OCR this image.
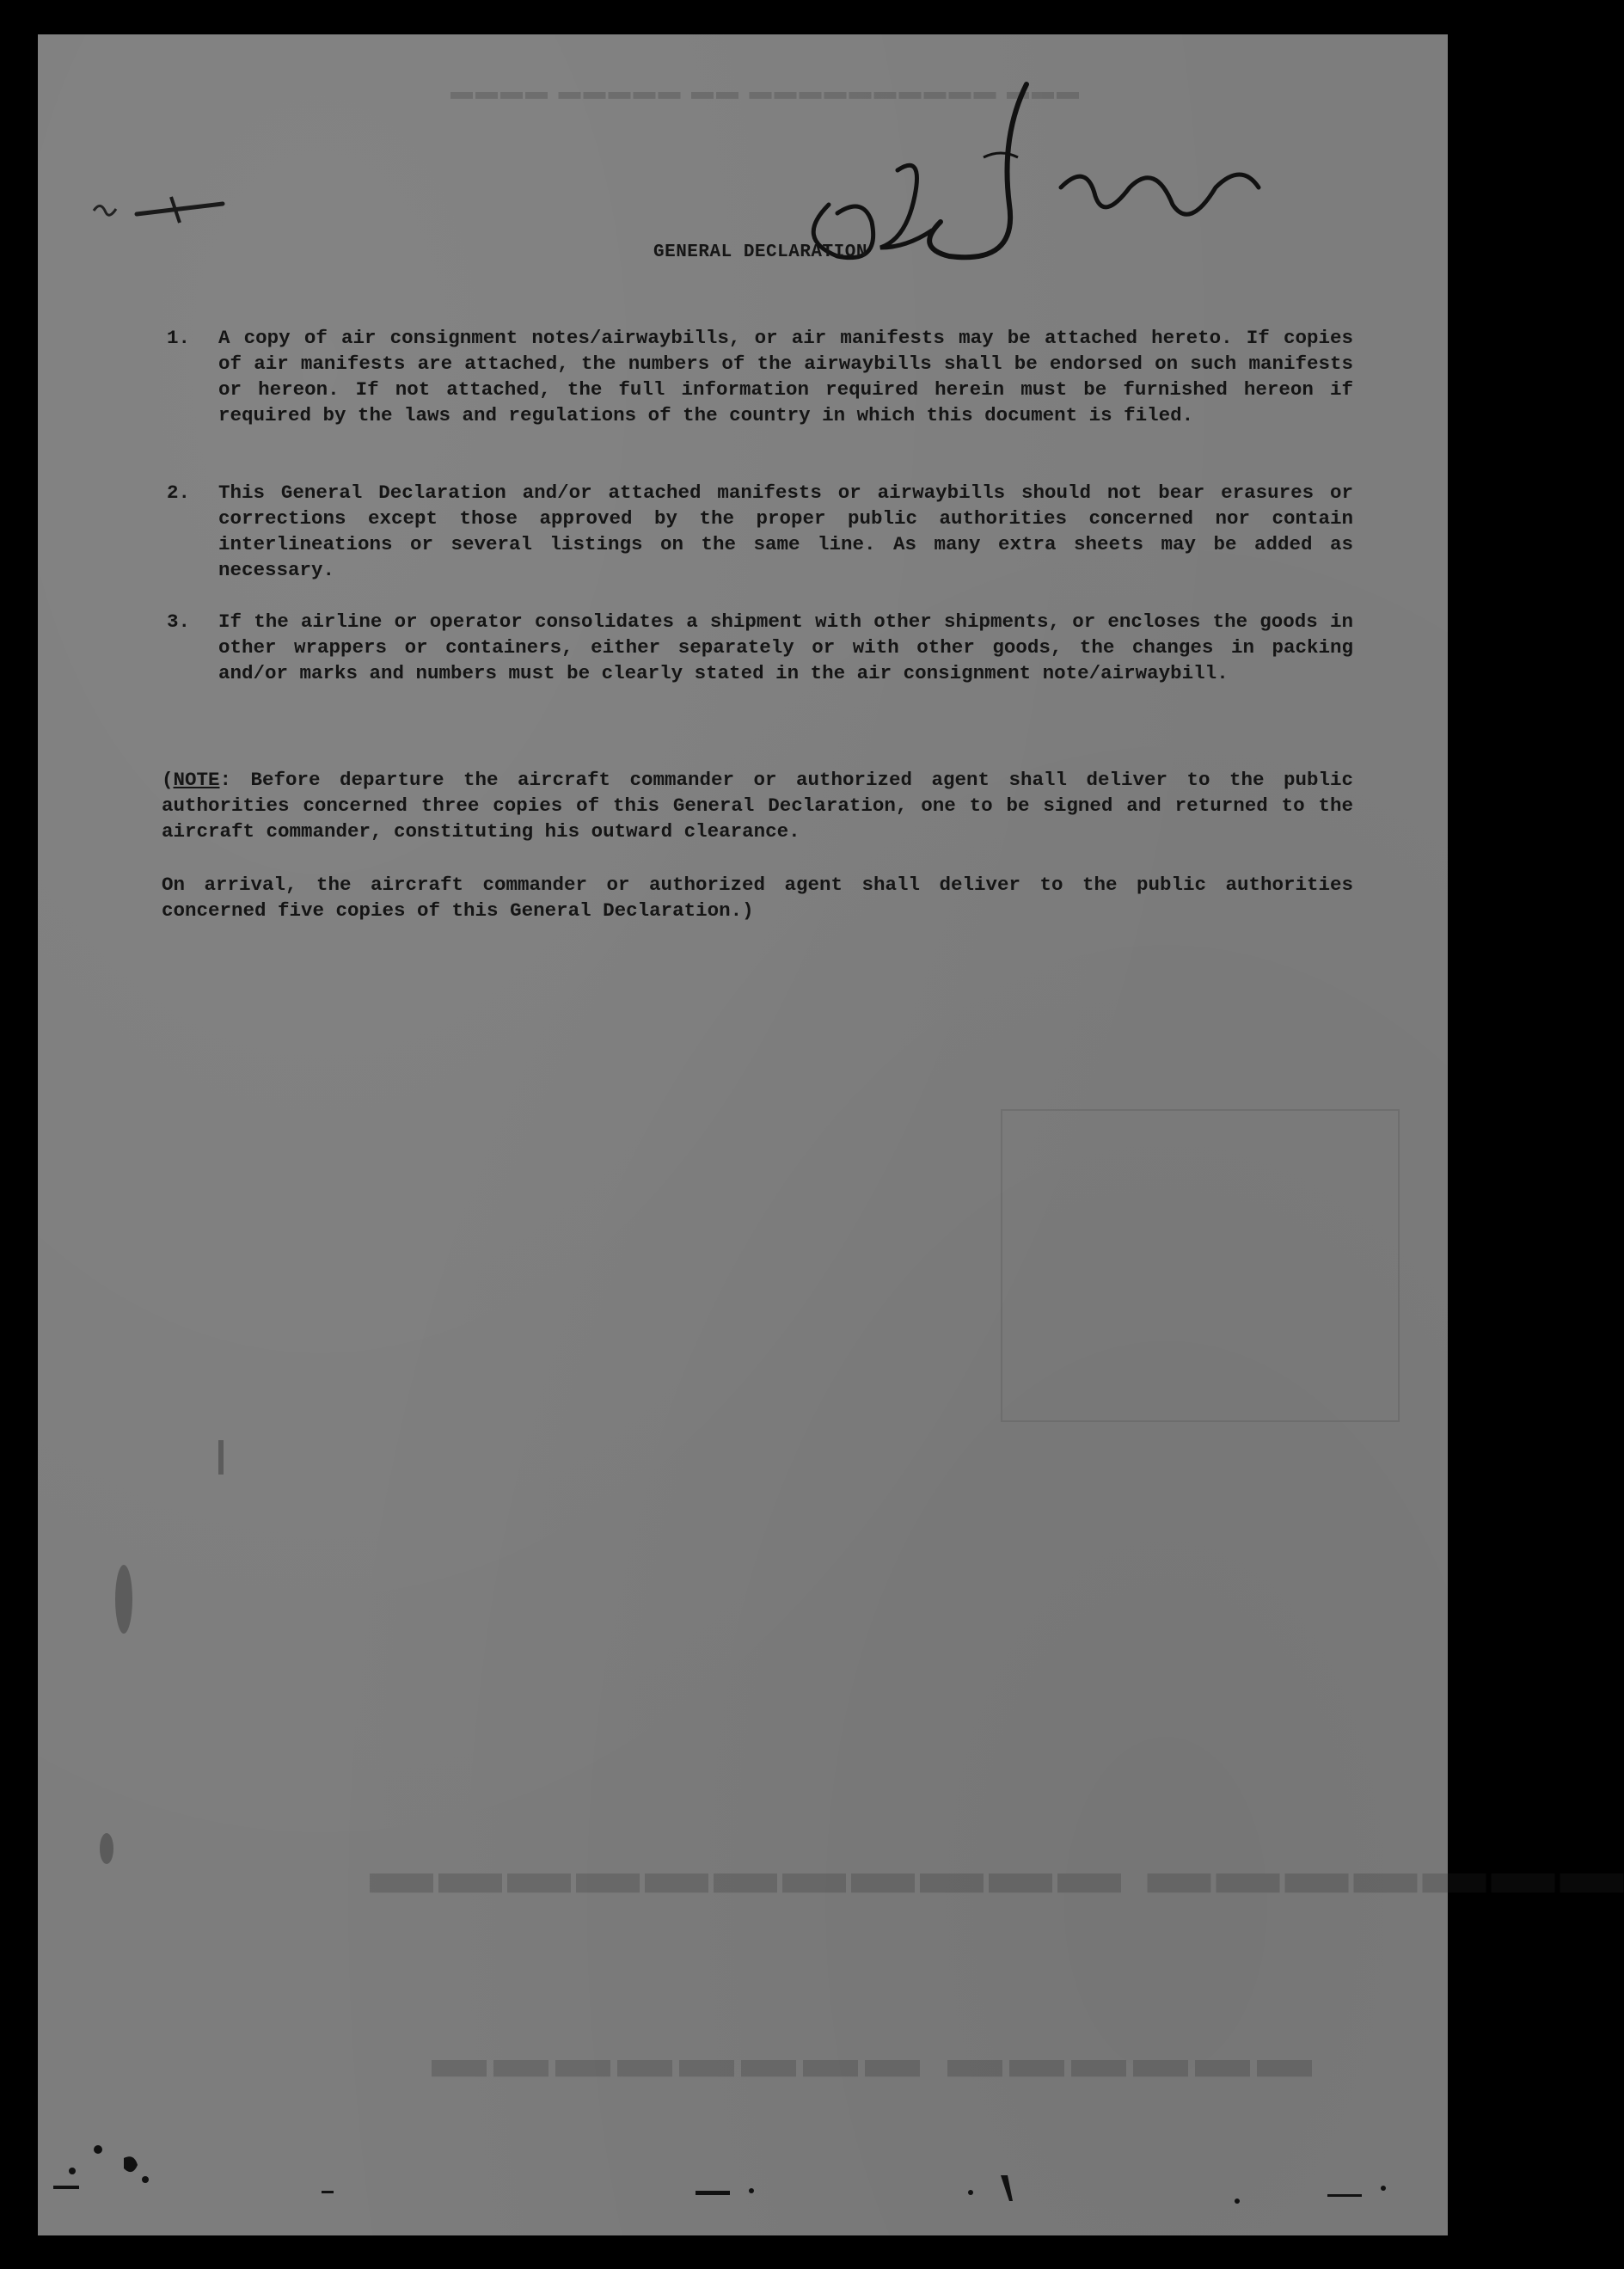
▬▬▬▬ ▬▬▬▬▬ ▬▬ ▬▬▬▬▬▬▬▬▬▬ ▬▬▬
▬▬▬▬▬▬▬ ▬▬▬▬▬▬▬▬▬▬▬
▬▬▬▬▬▬ ▬▬▬▬▬▬▬▬
GENERAL DECLARATION
1.	A copy of air consignment notes/airwaybills, or air manifests may be attached hereto. If copies of air manifests are attached, the numbers of the airwaybills shall be endorsed on such manifests or hereon. If not attached, the full information required herein must be furnished hereon if required by the laws and regulations of the country in which this document is filed.
2.	This General Declaration and/or attached manifests or airwaybills should not bear erasures or corrections except those approved by the proper public authorities concerned nor contain interlineations or several listings on the same line. As many extra sheets may be added as necessary.
3.	If the airline or operator consolidates a shipment with other shipments, or encloses the goods in other wrappers or containers, either separately or with other goods, the changes in packing and/or marks and numbers must be clearly stated in the air consignment note/airwaybill.
(NOTE: Before departure the aircraft commander or authorized agent shall deliver to the public authorities concerned three copies of this General Declaration, one to be signed and returned to the aircraft commander, constituting his outward clearance.
On arrival, the aircraft commander or authorized agent shall deliver to the public authorities concerned five copies of this General Declaration.)
